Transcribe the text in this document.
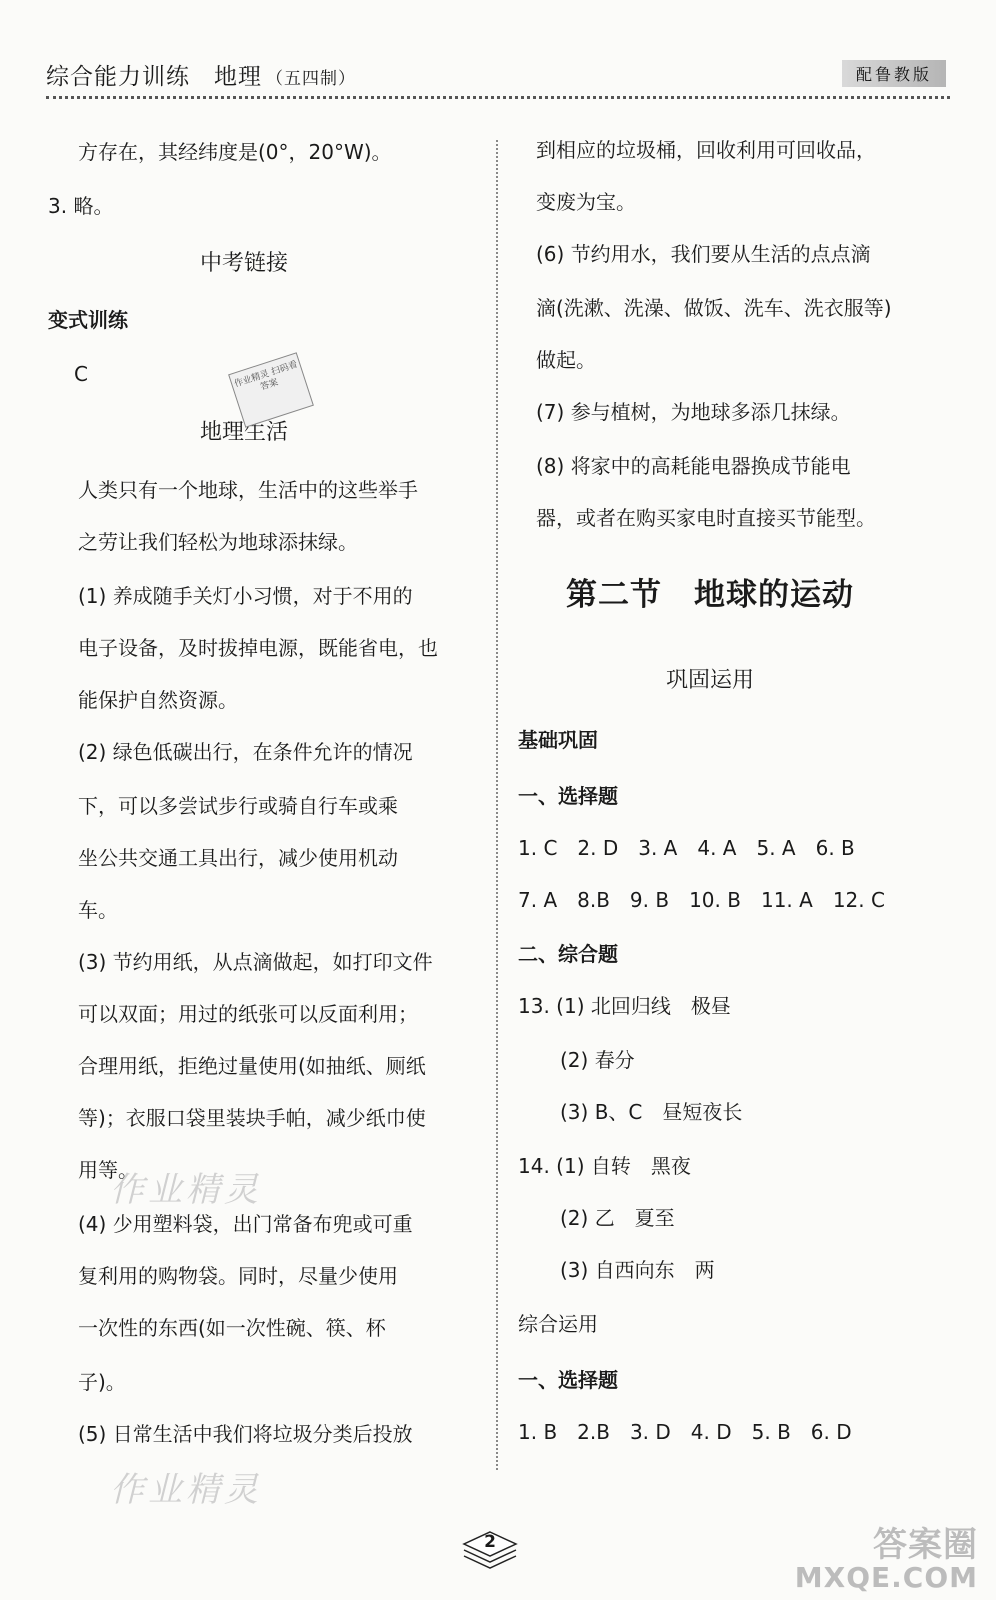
综合能力训练　地理 （五四制）	配鲁教版
方存在，其经纬度是(0°，20°W)。
3. 略。
中考链接
变式训练
C
地理生活
人类只有一个地球，生活中的这些举手
之劳让我们轻松为地球添抹绿。
(1) 养成随手关灯小习惯，对于不用的
电子设备，及时拔掉电源，既能省电，也
能保护自然资源。
(2) 绿色低碳出行，在条件允许的情况
下，可以多尝试步行或骑自行车或乘
坐公共交通工具出行，减少使用机动
车。
(3) 节约用纸，从点滴做起，如打印文件
可以双面；用过的纸张可以反面利用；
合理用纸，拒绝过量使用(如抽纸、厕纸
等)；衣服口袋里装块手帕，减少纸巾使
用等。
(4) 少用塑料袋，出门常备布兜或可重
复利用的购物袋。同时，尽量少使用
一次性的东西(如一次性碗、筷、杯
子)。
(5) 日常生活中我们将垃圾分类后投放
到相应的垃圾桶，回收利用可回收品，
变废为宝。
(6) 节约用水，我们要从生活的点点滴
滴(洗漱、洗澡、做饭、洗车、洗衣服等)
做起。
(7) 参与植树，为地球多添几抹绿。
(8) 将家中的高耗能电器换成节能电
器，或者在购买家电时直接买节能型。
第二节　地球的运动
巩固运用
基础巩固
一、选择题
1. C　2. D　3. A　4. A　5. A　6. B
7. A　8.B　9. B　10. B　11. A　12. C
二、综合题
13. (1) 北回归线　极昼
(2) 春分
(3) B、C　昼短夜长
14. (1) 自转　黑夜
(2) 乙　夏至
(3) 自西向东　两
综合运用
一、选择题
1. B　2.B　3. D　4. D　5. B　6. D
作业精灵 扫码看答案
作业精灵
作业精灵
2	答案圈
MXQE.COM
